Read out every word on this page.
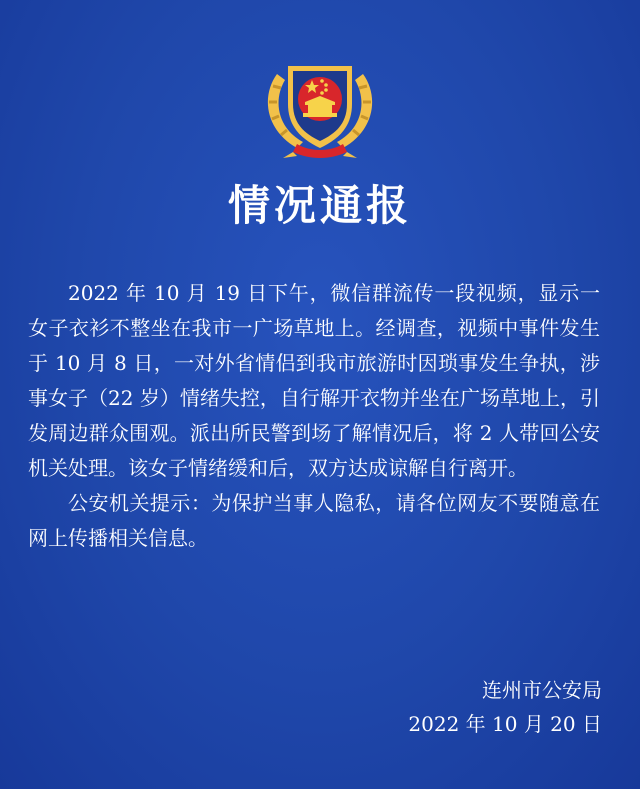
情况通报

2022 年 10 月 19 日下午，微信群流传一段视频，显示一女子衣衫不整坐在我市一广场草地上。经调查，视频中事件发生于 10 月 8 日，一对外省情侣到我市旅游时因琐事发生争执，涉事女子（22 岁）情绪失控，自行解开衣物并坐在广场草地上，引发周边群众围观。派出所民警到场了解情况后，将 2 人带回公安机关处理。该女子情绪缓和后，双方达成谅解自行离开。

公安机关提示：为保护当事人隐私，请各位网友不要随意在网上传播相关信息。

连州市公安局

2022 年 10 月 20 日
